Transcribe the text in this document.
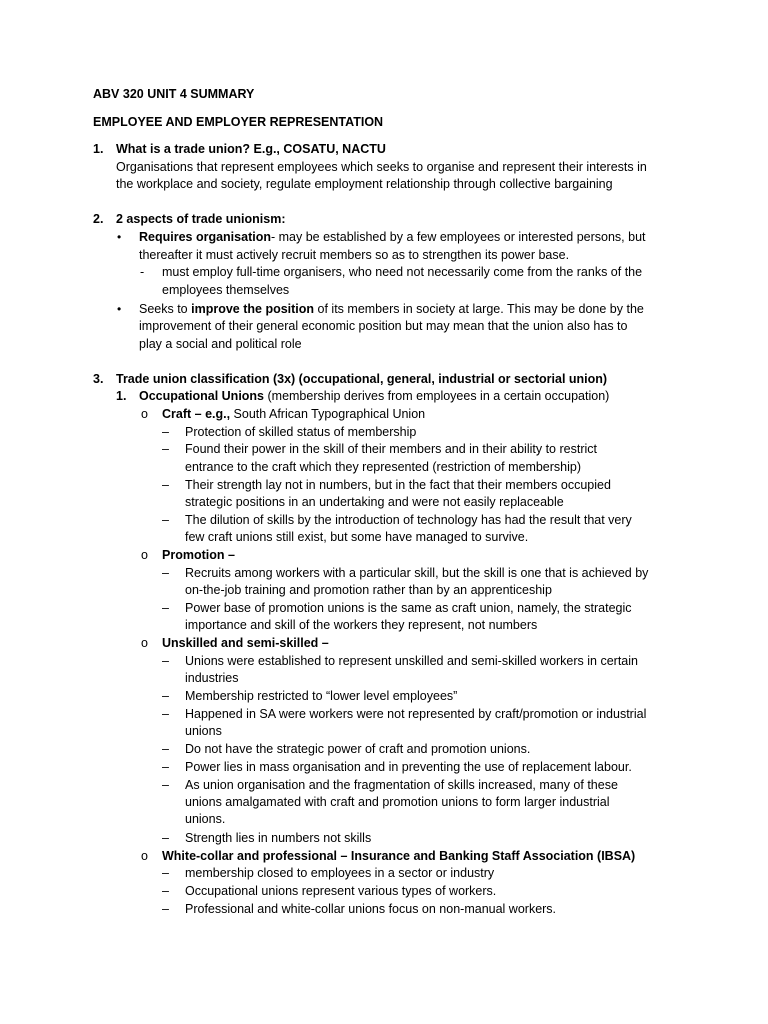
ABV 320 UNIT 4 SUMMARY
EMPLOYEE AND EMPLOYER REPRESENTATION
1. What is a trade union? E.g., COSATU, NACTU
Organisations that represent employees which seeks to organise and represent their interests in
the workplace and society, regulate employment relationship through collective bargaining
2. 2 aspects of trade unionism:
• Requires organisation- may be established by a few employees or interested persons, but
thereafter it must actively recruit members so as to strengthen its power base.
- must employ full-time organisers, who need not necessarily come from the ranks of the
employees themselves
• Seeks to improve the position of its members in society at large. This may be done by the
improvement of their general economic position but may mean that the union also has to
play a social and political role
3. Trade union classification (3x) (occupational, general, industrial or sectorial union)
1. Occupational Unions (membership derives from employees in a certain occupation)
o Craft – e.g., South African Typographical Union
– Protection of skilled status of membership
– Found their power in the skill of their members and in their ability to restrict
entrance to the craft which they represented (restriction of membership)
– Their strength lay not in numbers, but in the fact that their members occupied
strategic positions in an undertaking and were not easily replaceable
– The dilution of skills by the introduction of technology has had the result that very
few craft unions still exist, but some have managed to survive.
o Promotion –
– Recruits among workers with a particular skill, but the skill is one that is achieved by
on-the-job training and promotion rather than by an apprenticeship
– Power base of promotion unions is the same as craft union, namely, the strategic
importance and skill of the workers they represent, not numbers
o Unskilled and semi-skilled –
– Unions were established to represent unskilled and semi-skilled workers in certain
industries
– Membership restricted to “lower level employees”
– Happened in SA were workers were not represented by craft/promotion or industrial
unions
– Do not have the strategic power of craft and promotion unions.
– Power lies in mass organisation and in preventing the use of replacement labour.
– As union organisation and the fragmentation of skills increased, many of these
unions amalgamated with craft and promotion unions to form larger industrial
unions.
– Strength lies in numbers not skills
o White-collar and professional – Insurance and Banking Staff Association (IBSA)
– membership closed to employees in a sector or industry
– Occupational unions represent various types of workers.
– Professional and white-collar unions focus on non-manual workers.
